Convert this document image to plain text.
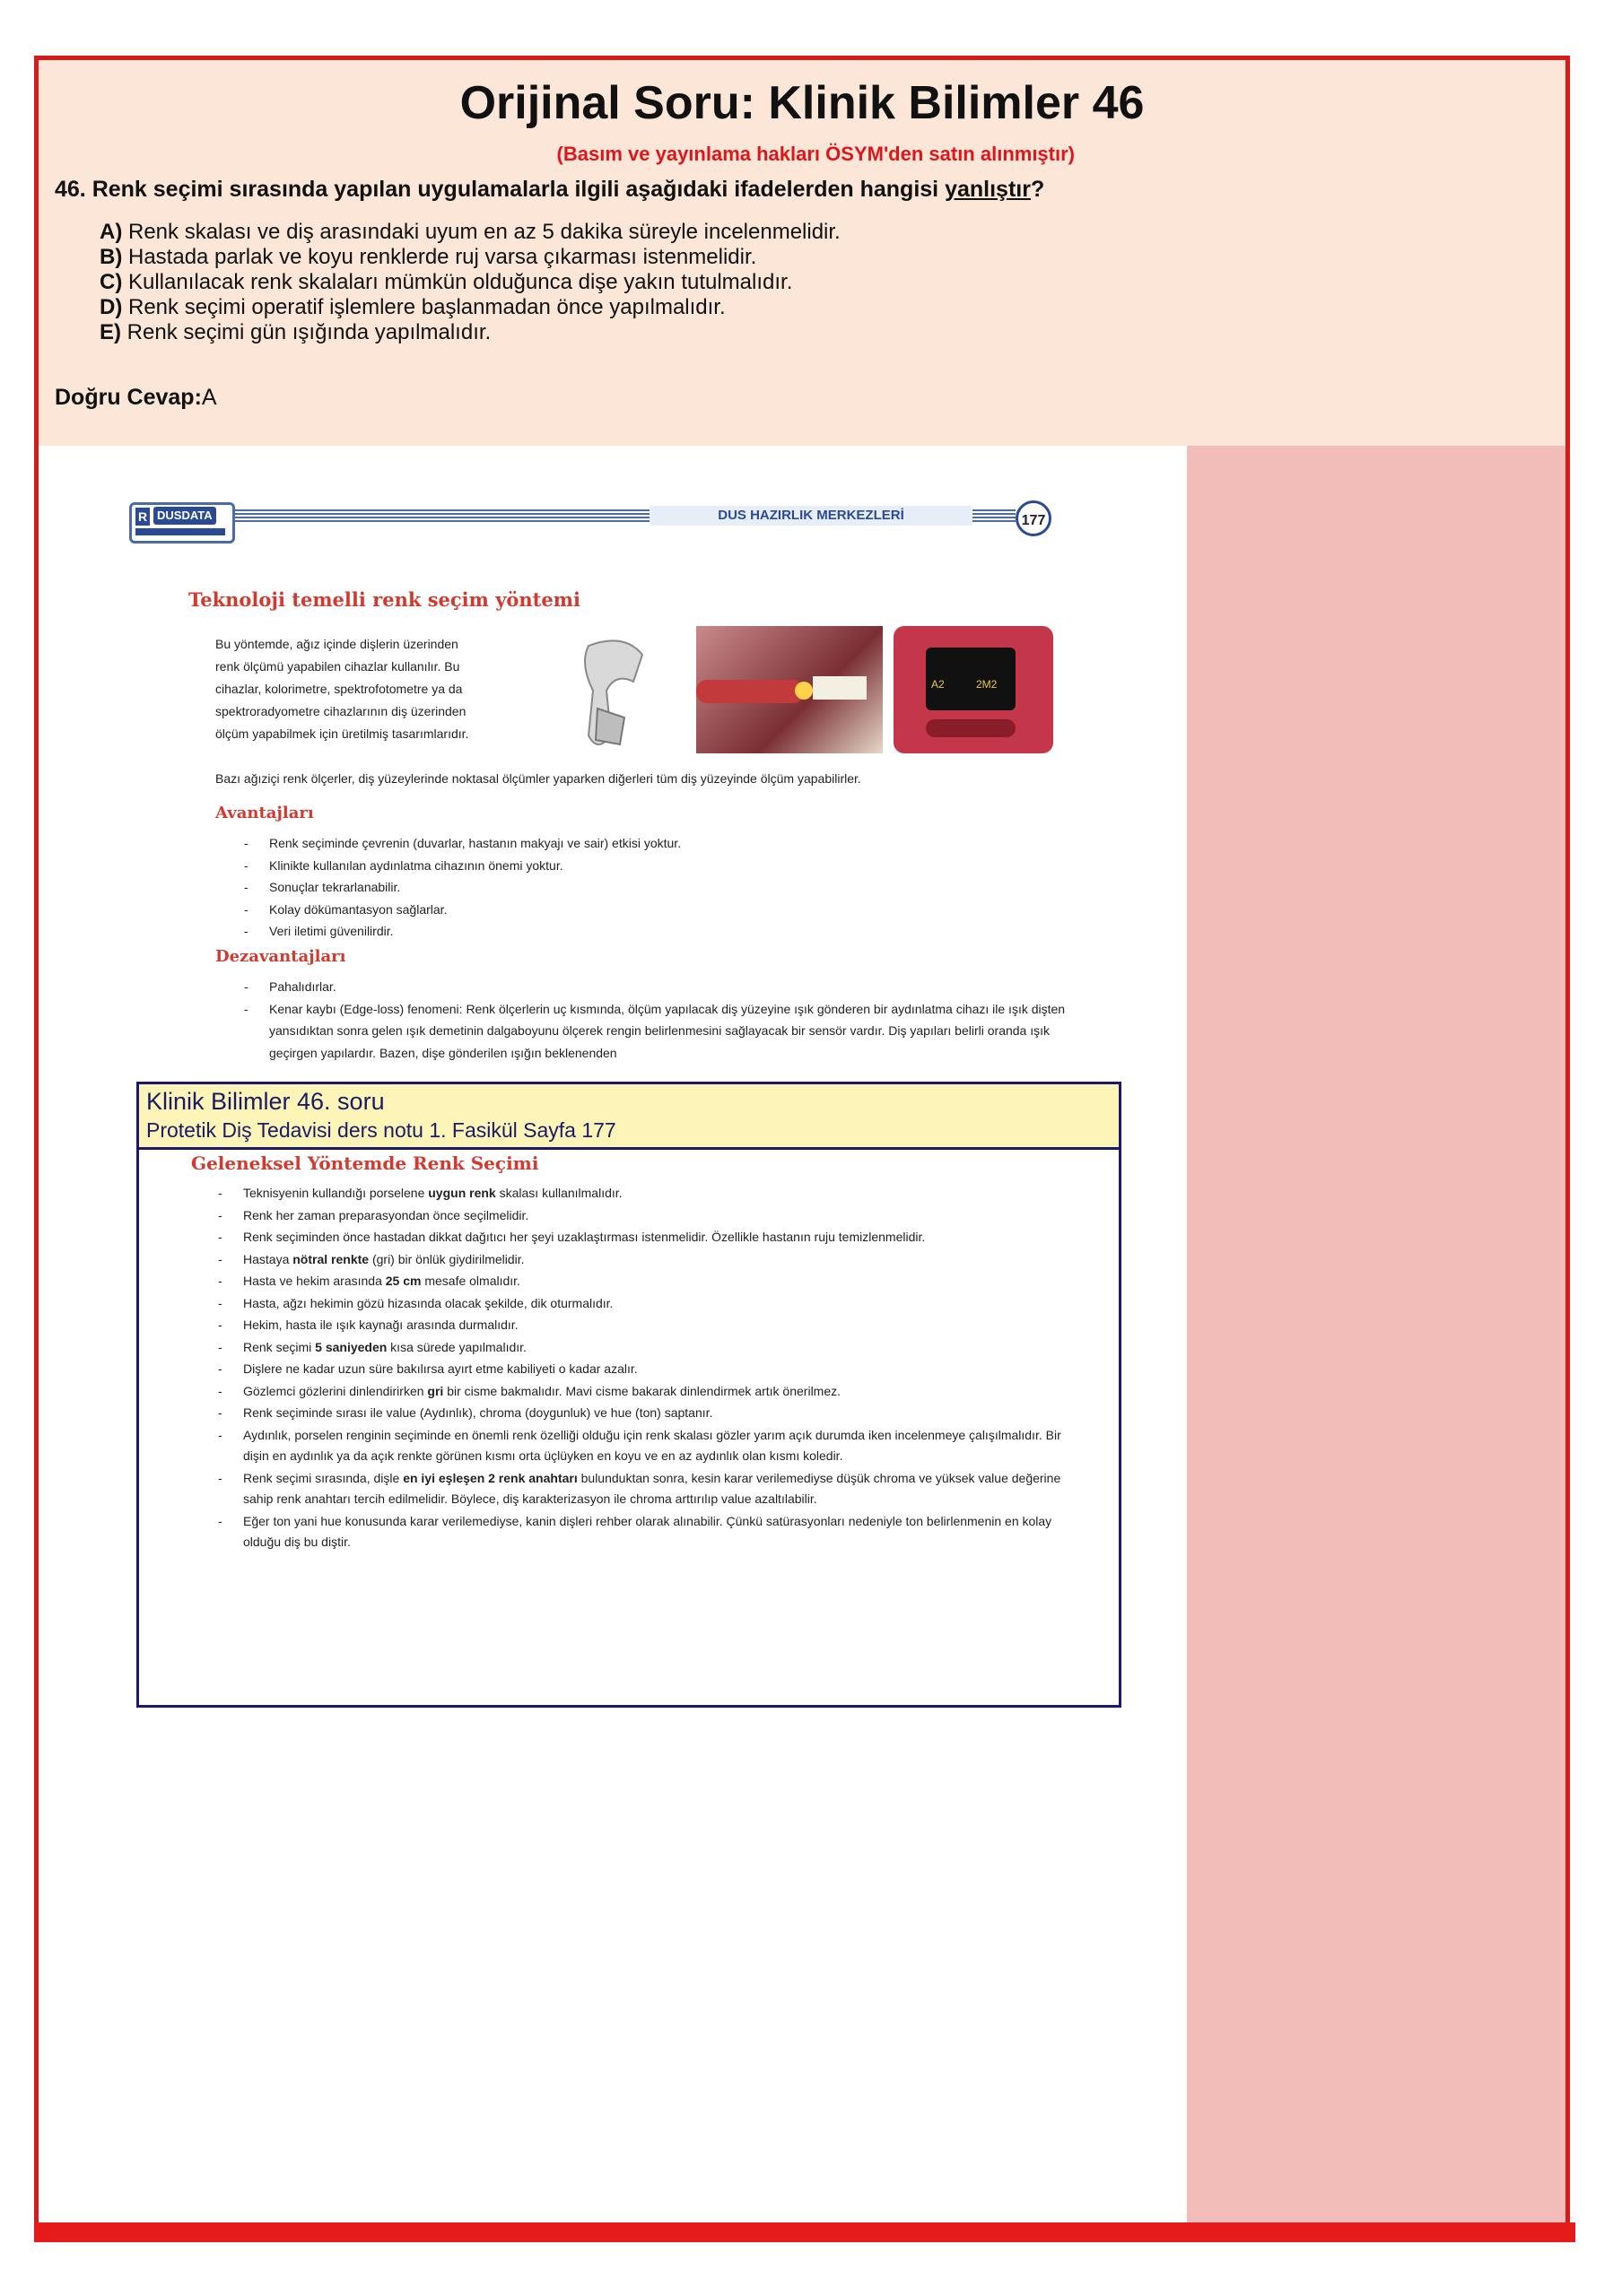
Orijinal Soru: Klinik Bilimler 46
(Basım ve yayınlama hakları ÖSYM'den satın alınmıştır)
46. Renk seçimi sırasında yapılan uygulamalarla ilgili aşağıdaki ifadelerden hangisi yanlıştır?
A) Renk skalası ve diş arasındaki uyum en az 5 dakika süreyle incelenmelidir.
B) Hastada parlak ve koyu renklerde ruj varsa çıkarması istenmelidir.
C) Kullanılacak renk skalaları mümkün olduğunca dişe yakın tutulmalıdır.
D) Renk seçimi operatif işlemlere başlanmadan önce yapılmalıdır.
E) Renk seçimi gün ışığında yapılmalıdır.
Doğru Cevap:A
R DUSDATA	DUS HAZIRLIK MERKEZLERİ	177
Teknoloji temelli renk seçim yöntemi
Bu yöntemde, ağız içinde dişlerin üzerinden
renk ölçümü yapabilen cihazlar kullanılır. Bu
cihazlar, kolorimetre, spektrofotometre ya da
spektroradyometre cihazlarının diş üzerinden
ölçüm yapabilmek için üretilmiş tasarımlarıdır.
A2	2M2
Bazı ağıziçi renk ölçerler, diş yüzeylerinde noktasal ölçümler yaparken diğerleri tüm diş yüzeyinde ölçüm yapabilirler.
Avantajları
- Renk seçiminde çevrenin (duvarlar, hastanın makyajı ve sair) etkisi yoktur.
- Klinikte kullanılan aydınlatma cihazının önemi yoktur.
- Sonuçlar tekrarlanabilir.
- Kolay dökümantasyon sağlarlar.
- Veri iletimi güvenilirdir.
Dezavantajları
- Pahalıdırlar.
- Kenar kaybı (Edge-loss) fenomeni: Renk ölçerlerin uç kısmında, ölçüm yapılacak diş yüzeyine ışık gönderen bir aydınlatma cihazı ile ışık dişten yansıdıktan sonra gelen ışık demetinin dalgaboyunu ölçerek rengin belirlenmesini sağlayacak bir sensör vardır. Diş yapıları belirli oranda ışık geçirgen yapılardır. Bazen, dişe gönderilen ışığın beklenenden
Klinik Bilimler 46. soru
Protetik Diş Tedavisi ders notu 1. Fasikül Sayfa 177
Geleneksel Yöntemde Renk Seçimi
- Teknisyenin kullandığı porselene uygun renk skalası kullanılmalıdır.
- Renk her zaman preparasyondan önce seçilmelidir.
- Renk seçiminden önce hastadan dikkat dağıtıcı her şeyi uzaklaştırması istenmelidir. Özellikle hastanın ruju temizlenmelidir.
- Hastaya nötral renkte (gri) bir önlük giydirilmelidir.
- Hasta ve hekim arasında 25 cm mesafe olmalıdır.
- Hasta, ağzı hekimin gözü hizasında olacak şekilde, dik oturmalıdır.
- Hekim, hasta ile ışık kaynağı arasında durmalıdır.
- Renk seçimi 5 saniyeden kısa sürede yapılmalıdır.
- Dişlere ne kadar uzun süre bakılırsa ayırt etme kabiliyeti o kadar azalır.
- Gözlemci gözlerini dinlendirirken gri bir cisme bakmalıdır. Mavi cisme bakarak dinlendirmek artık önerilmez.
- Renk seçiminde sırası ile value (Aydınlık), chroma (doygunluk) ve hue (ton) saptanır.
- Aydınlık, porselen renginin seçiminde en önemli renk özelliği olduğu için renk skalası gözler yarım açık durumda iken incelenmeye çalışılmalıdır. Bir dişin en aydınlık ya da açık renkte görünen kısmı orta üçlüyken en koyu ve en az aydınlık olan kısmı koledir.
- Renk seçimi sırasında, dişle en iyi eşleşen 2 renk anahtarı bulunduktan sonra, kesin karar verilemediyse düşük chroma ve yüksek value değerine sahip renk anahtarı tercih edilmelidir. Böylece, diş karakterizasyon ile chroma arttırılıp value azaltılabilir.
- Eğer ton yani hue konusunda karar verilemediyse, kanin dişleri rehber olarak alınabilir. Çünkü satürasyonları nedeniyle ton belirlenmenin en kolay olduğu diş bu diştir.
